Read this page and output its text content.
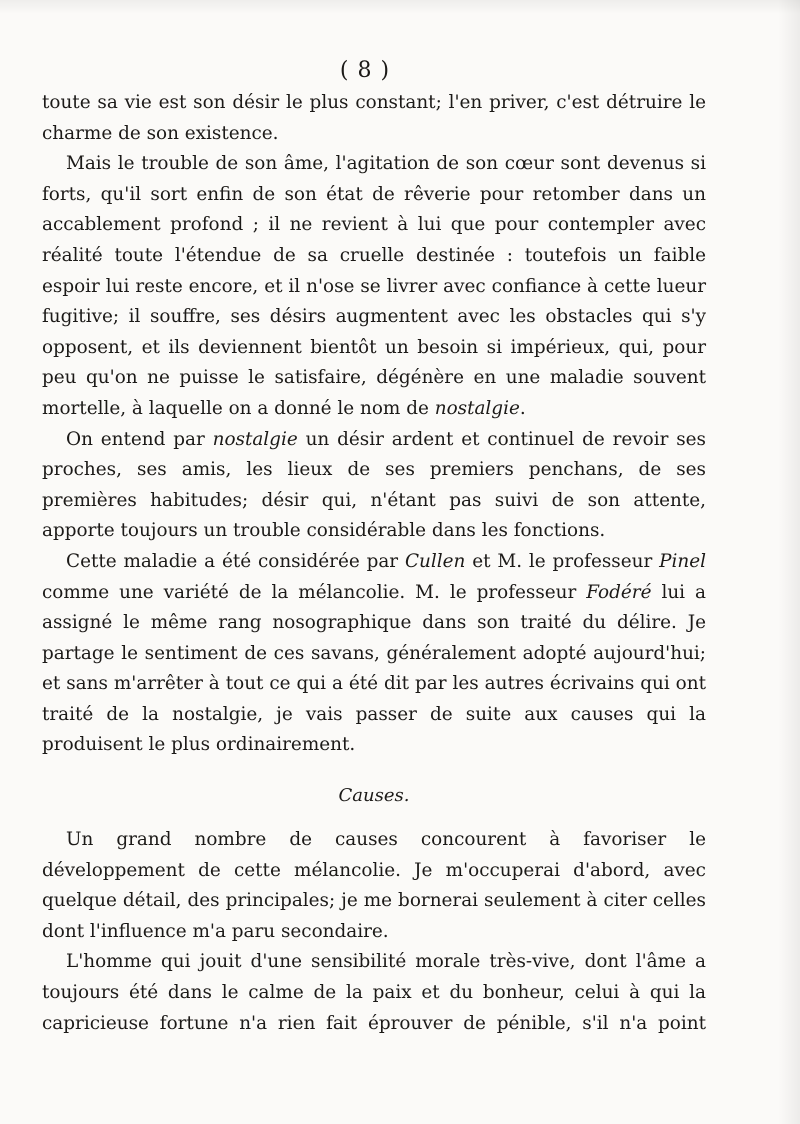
( 8 )

toute sa vie est son désir le plus constant; l'en priver, c'est détruire le charme de son existence.

Mais le trouble de son âme, l'agitation de son cœur sont devenus si forts, qu'il sort enfin de son état de rêverie pour retomber dans un accablement profond ; il ne revient à lui que pour contempler avec réalité toute l'étendue de sa cruelle destinée : toutefois un faible espoir lui reste encore, et il n'ose se livrer avec confiance à cette lueur fugitive; il souffre, ses désirs augmentent avec les obstacles qui s'y opposent, et ils deviennent bientôt un besoin si impérieux, qui, pour peu qu'on ne puisse le satisfaire, dégénère en une maladie souvent mortelle, à laquelle on a donné le nom de nostalgie.

On entend par nostalgie un désir ardent et continuel de revoir ses proches, ses amis, les lieux de ses premiers penchans, de ses premières habitudes; désir qui, n'étant pas suivi de son attente, apporte toujours un trouble considérable dans les fonctions.

Cette maladie a été considérée par Cullen et M. le professeur Pinel comme une variété de la mélancolie. M. le professeur Fodéré lui a assigné le même rang nosographique dans son traité du délire. Je partage le sentiment de ces savans, généralement adopté aujourd'hui; et sans m'arrêter à tout ce qui a été dit par les autres écrivains qui ont traité de la nostalgie, je vais passer de suite aux causes qui la produisent le plus ordinairement.

Causes.

Un grand nombre de causes concourent à favoriser le développement de cette mélancolie. Je m'occuperai d'abord, avec quelque détail, des principales; je me bornerai seulement à citer celles dont l'influence m'a paru secondaire.

L'homme qui jouit d'une sensibilité morale très-vive, dont l'âme a toujours été dans le calme de la paix et du bonheur, celui à qui la capricieuse fortune n'a rien fait éprouver de pénible, s'il n'a point
